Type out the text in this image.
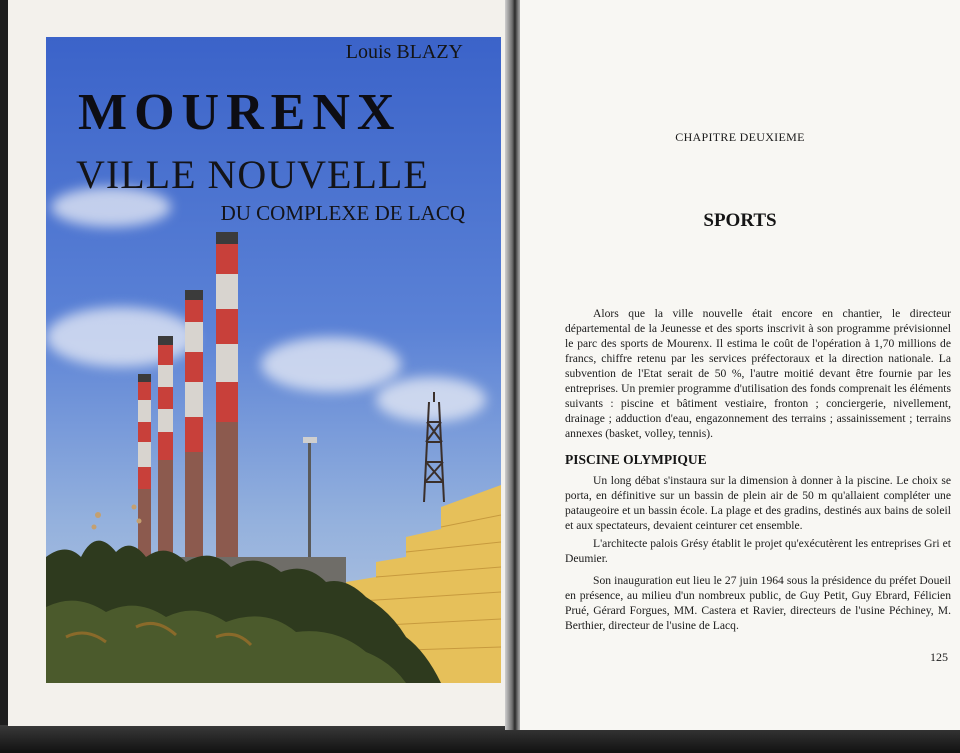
Louis BLAZY
MOURENX
VILLE NOUVELLE
DU COMPLEXE DE LACQ
CHAPITRE DEUXIEME
SPORTS

Alors que la ville nouvelle était encore en chantier, le directeur départemental de la Jeunesse et des sports inscrivit à son programme prévisionnel le parc des sports de Mourenx. Il estima le coût de l'opération à 1,70 millions de francs, chiffre retenu par les services préfectoraux et la direction nationale. La subvention de l'Etat serait de 50 %, l'autre moitié devant être fournie par les entreprises. Un premier programme d'utilisation des fonds comprenait les éléments suivants : piscine et bâtiment vestiaire, fronton ; conciergerie, nivellement, drainage ; adduction d'eau, engazonnement des terrains ; assainissement ; terrains annexes (basket, volley, tennis).

PISCINE OLYMPIQUE

Un long débat s'instaura sur la dimension à donner à la piscine. Le choix se porta, en définitive sur un bassin de plein air de 50 m qu'allaient compléter une pataugeoire et un bassin école. La plage et des gradins, destinés aux bains de soleil et aux spectateurs, devaient ceinturer cet ensemble.

L'architecte palois Grésy établit le projet qu'exécutèrent les entreprises Gri et Deumier.

Son inauguration eut lieu le 27 juin 1964 sous la présidence du préfet Doueil en présence, au milieu d'un nombreux public, de Guy Petit, Guy Ebrard, Félicien Prué, Gérard Forgues, MM. Castera et Ravier, directeurs de l'usine Péchiney, M. Berthier, directeur de l'usine de Lacq.

125
